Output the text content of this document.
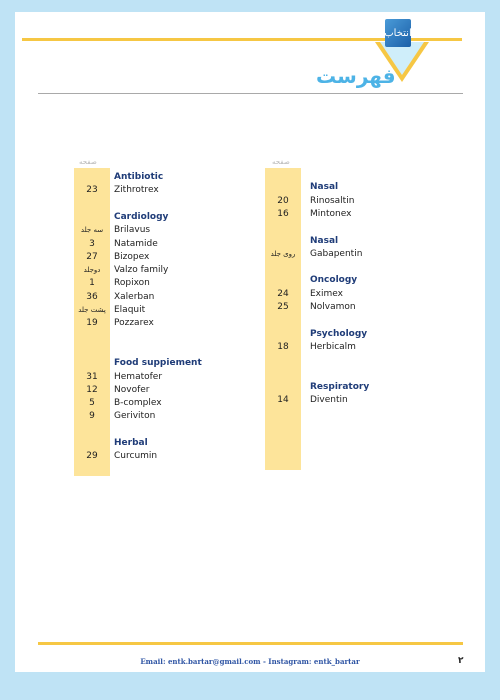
انتخاب
فهرست
صفحه
Antibiotic
23	Zithrotrex
Cardiology
سه جلد	Brilavus
3	Natamide
27	Bizopex
دوجلد	Valzo family
1	Ropixon
36	Xalerban
پشت جلد Elaquit
19	Pozzarex
Food suppiement
31	Hematofer
12	Novofer
5	B-complex
9	Geriviton
Herbal
29	Curcumin
صفحه
Nasal
20	Rinosaltin
16	Mintonex
Nasal
روی جلد	Gabapentin
Oncology
24	Eximex
25	Nolvamon
Psychology
18	Herbicalm
Respiratory
14	Diventin
Email: entk.bartar@gmail.com - Instagram: entk_bartar	۲
